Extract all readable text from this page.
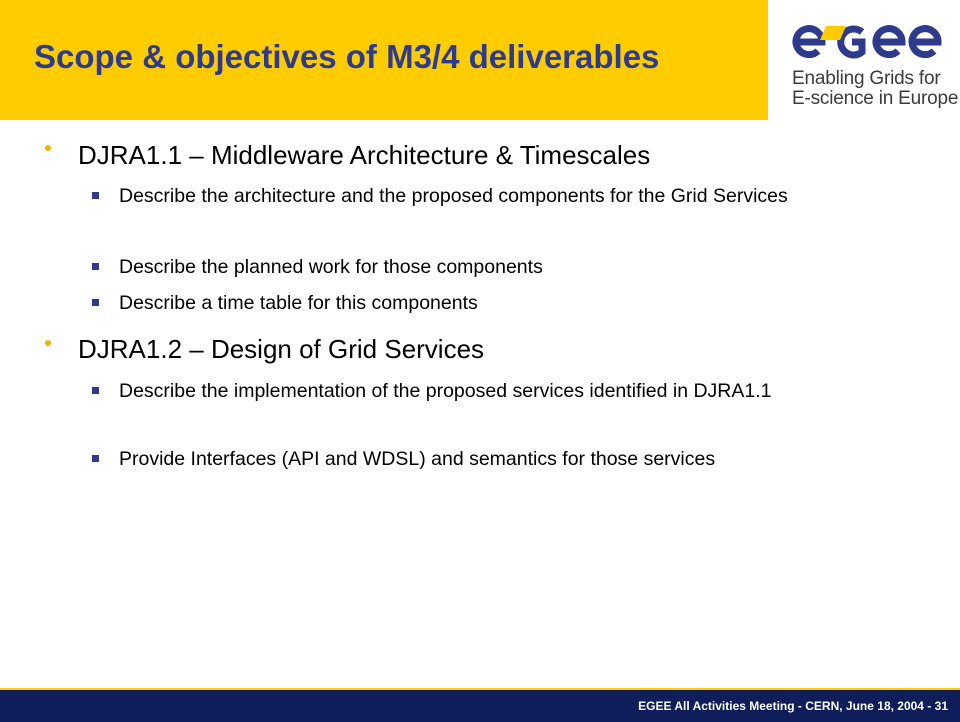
Scope & objectives of M3/4 deliverables
Enabling Grids for
E-science in Europe
DJRA1.1 – Middleware Architecture & Timescales
Describe the architecture and the proposed components for the Grid Services
Describe the planned work for those components
Describe a time table for this components
DJRA1.2 – Design of Grid Services
Describe the implementation of the proposed services identified in DJRA1.1
Provide Interfaces (API and WDSL) and semantics for those services
EGEE All Activities Meeting - CERN, June 18, 2004 - 31
